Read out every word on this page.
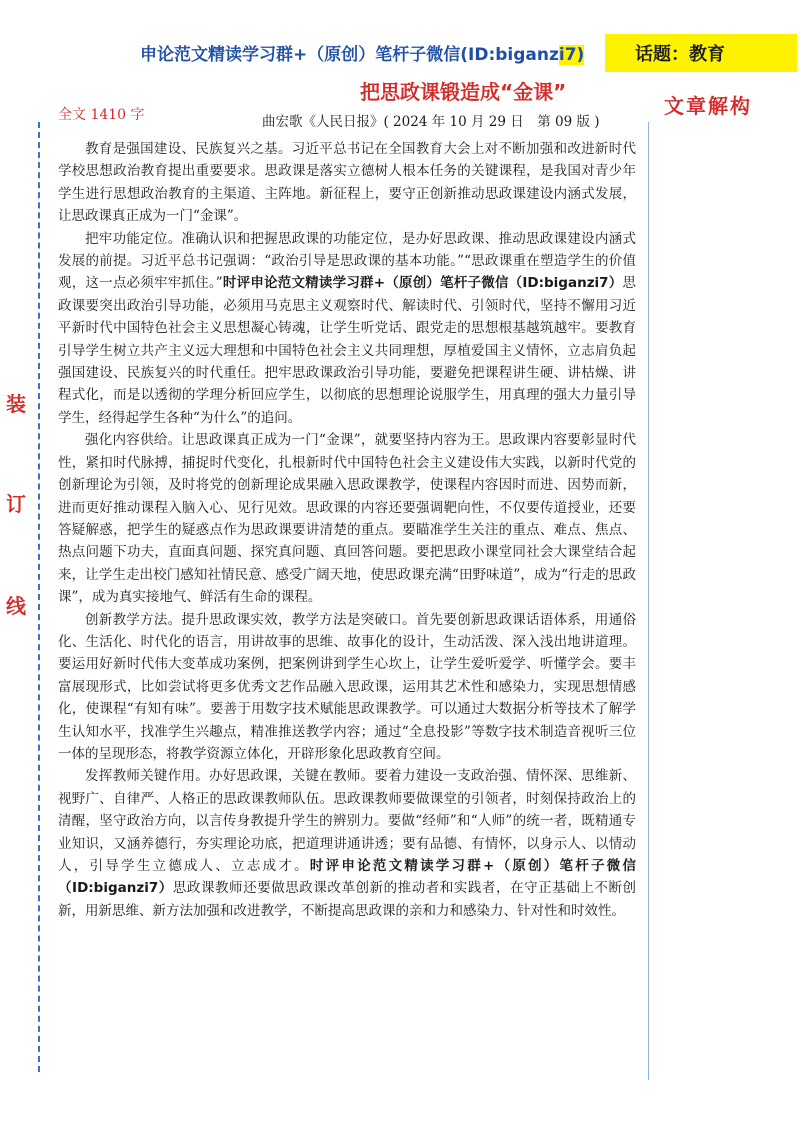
申论范文精读学习群+（原创）笔杆子微信(ID:biganzi7)	话题：教育
把思政课锻造成“金课”
文章解构
全文 1410 字	曲宏歌《人民日报》( 2024 年 10 月 29 日　第 09 版 )
装
订
线

教育是强国建设、民族复兴之基。习近平总书记在全国教育大会上对不断加强和改进新时代学校思想政治教育提出重要要求。思政课是落实立德树人根本任务的关键课程，是我国对青少年学生进行思想政治教育的主渠道、主阵地。新征程上，要守正创新推动思政课建设内涵式发展，让思政课真正成为一门“金课”。

把牢功能定位。准确认识和把握思政课的功能定位，是办好思政课、推动思政课建设内涵式发展的前提。习近平总书记强调：“政治引导是思政课的基本功能。”“思政课重在塑造学生的价值观，这一点必须牢牢抓住。”时评申论范文精读学习群+（原创）笔杆子微信（ID:biganzi7）思政课要突出政治引导功能，必须用马克思主义观察时代、解读时代、引领时代，坚持不懈用习近平新时代中国特色社会主义思想凝心铸魂，让学生听党话、跟党走的思想根基越筑越牢。要教育引导学生树立共产主义远大理想和中国特色社会主义共同理想，厚植爱国主义情怀，立志肩负起强国建设、民族复兴的时代重任。把牢思政课政治引导功能，要避免把课程讲生硬、讲枯燥、讲程式化，而是以透彻的学理分析回应学生，以彻底的思想理论说服学生，用真理的强大力量引导学生，经得起学生各种“为什么”的追问。

强化内容供给。让思政课真正成为一门“金课”，就要坚持内容为王。思政课内容要彰显时代性，紧扣时代脉搏，捕捉时代变化，扎根新时代中国特色社会主义建设伟大实践，以新时代党的创新理论为引领，及时将党的创新理论成果融入思政课教学，使课程内容因时而进、因势而新，进而更好推动课程入脑入心、见行见效。思政课的内容还要强调靶向性，不仅要传道授业，还要答疑解惑，把学生的疑惑点作为思政课要讲清楚的重点。要瞄准学生关注的重点、难点、焦点、热点问题下功夫，直面真问题、探究真问题、真回答问题。要把思政小课堂同社会大课堂结合起来，让学生走出校门感知社情民意、感受广阔天地，使思政课充满“田野味道”，成为“行走的思政课”，成为真实接地气、鲜活有生命的课程。

创新教学方法。提升思政课实效，教学方法是突破口。首先要创新思政课话语体系，用通俗化、生活化、时代化的语言，用讲故事的思维、故事化的设计，生动活泼、深入浅出地讲道理。要运用好新时代伟大变革成功案例，把案例讲到学生心坎上，让学生爱听爱学、听懂学会。要丰富展现形式，比如尝试将更多优秀文艺作品融入思政课，运用其艺术性和感染力，实现思想情感化，使课程“有知有味”。要善于用数字技术赋能思政课教学。可以通过大数据分析等技术了解学生认知水平，找准学生兴趣点，精准推送教学内容；通过“全息投影”等数字技术制造音视听三位一体的呈现形态，将教学资源立体化，开辟形象化思政教育空间。

发挥教师关键作用。办好思政课，关键在教师。要着力建设一支政治强、情怀深、思维新、视野广、自律严、人格正的思政课教师队伍。思政课教师要做课堂的引领者，时刻保持政治上的清醒，坚守政治方向，以言传身教提升学生的辨别力。要做“经师”和“人师”的统一者，既精通专业知识，又涵养德行，夯实理论功底，把道理讲通讲透；要有品德、有情怀，以身示人、以情动人，引导学生立德成人、立志成才。时评申论范文精读学习群+（原创）笔杆子微信（ID:biganzi7）思政课教师还要做思政课改革创新的推动者和实践者，在守正基础上不断创新，用新思维、新方法加强和改进教学，不断提高思政课的亲和力和感染力、针对性和时效性。
